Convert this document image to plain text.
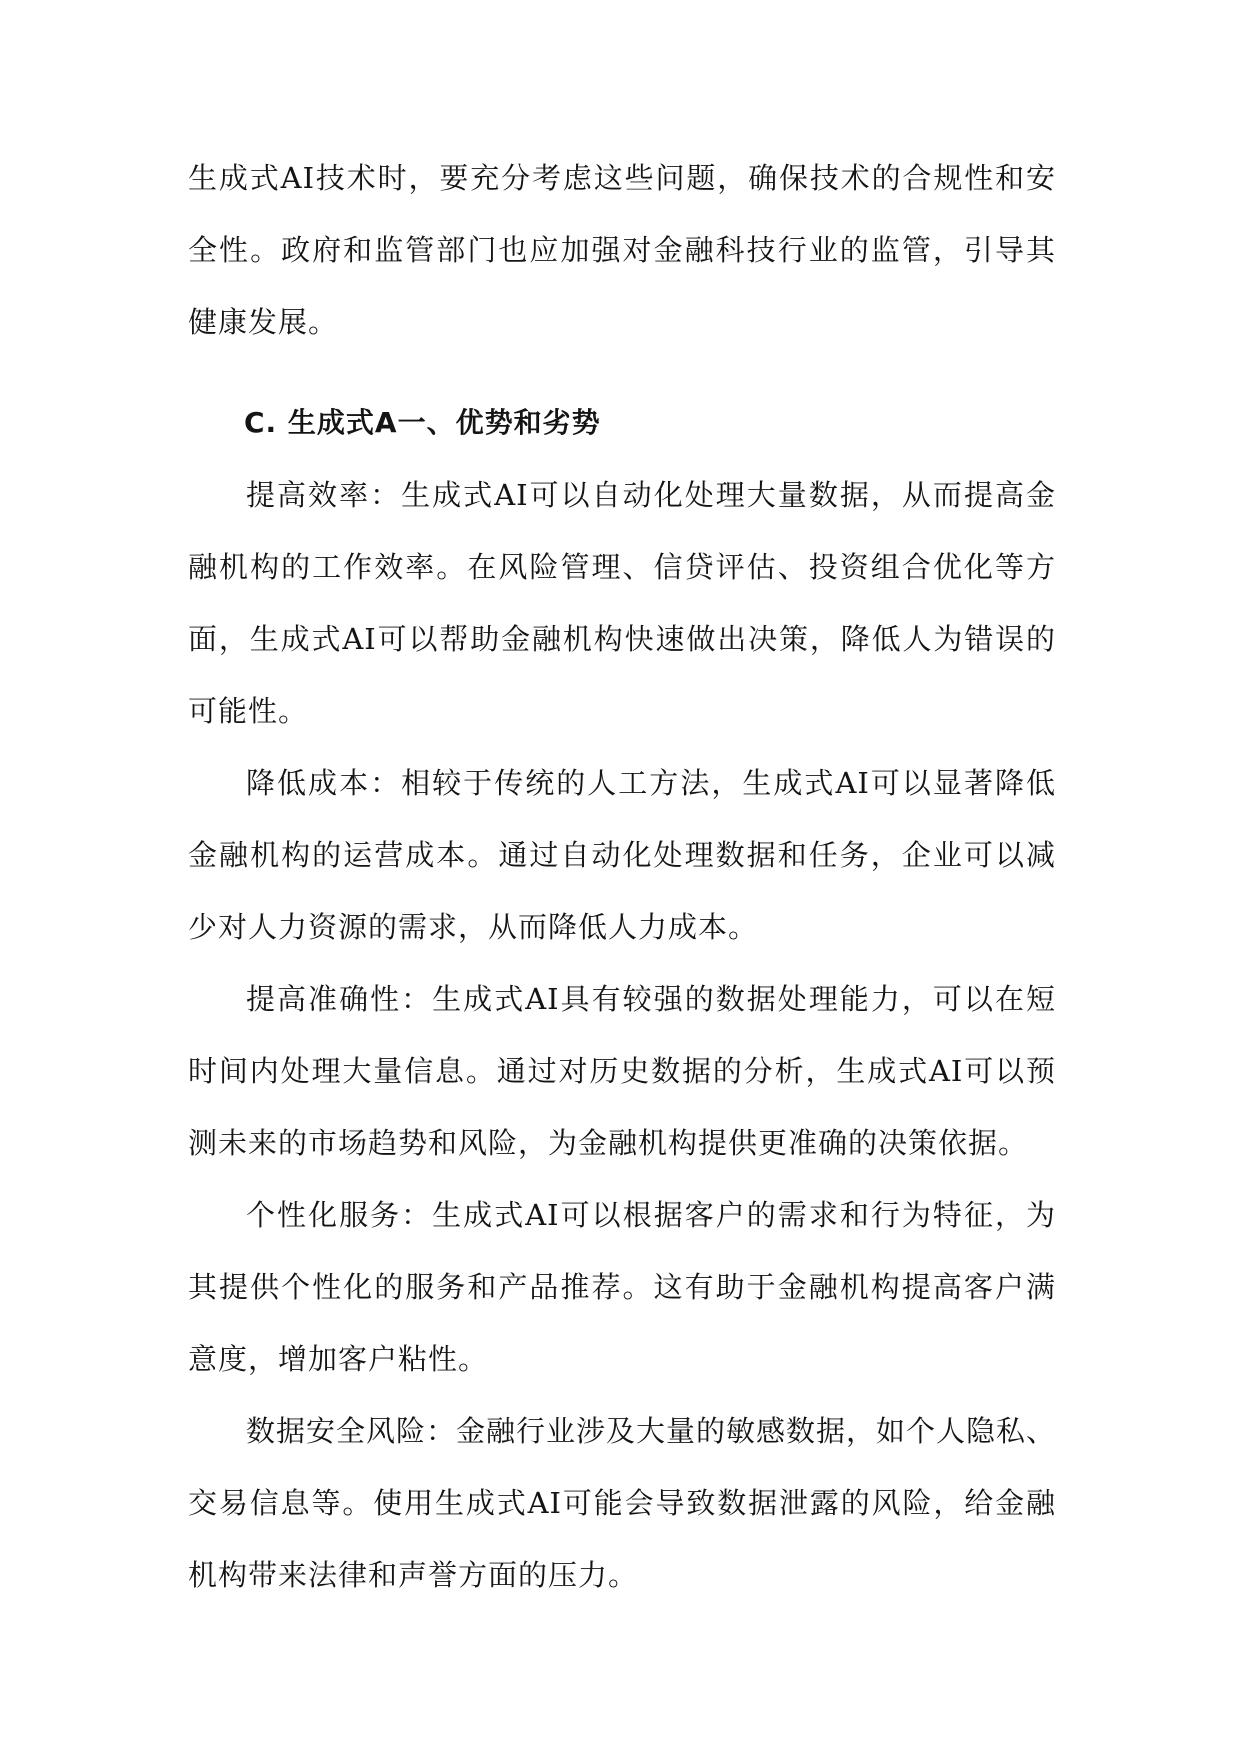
生成式AI技术时，要充分考虑这些问题，确保技术的合规性和安全性。政府和监管部门也应加强对金融科技行业的监管，引导其健康发展。

C. 生成式A一、优势和劣势

提高效率：生成式AI可以自动化处理大量数据，从而提高金融机构的工作效率。在风险管理、信贷评估、投资组合优化等方面，生成式AI可以帮助金融机构快速做出决策，降低人为错误的可能性。

降低成本：相较于传统的人工方法，生成式AI可以显著降低金融机构的运营成本。通过自动化处理数据和任务，企业可以减少对人力资源的需求，从而降低人力成本。

提高准确性：生成式AI具有较强的数据处理能力，可以在短时间内处理大量信息。通过对历史数据的分析，生成式AI可以预测未来的市场趋势和风险，为金融机构提供更准确的决策依据。

个性化服务：生成式AI可以根据客户的需求和行为特征，为其提供个性化的服务和产品推荐。这有助于金融机构提高客户满意度，增加客户粘性。

数据安全风险：金融行业涉及大量的敏感数据，如个人隐私、交易信息等。使用生成式AI可能会导致数据泄露的风险，给金融机构带来法律和声誉方面的压力。
